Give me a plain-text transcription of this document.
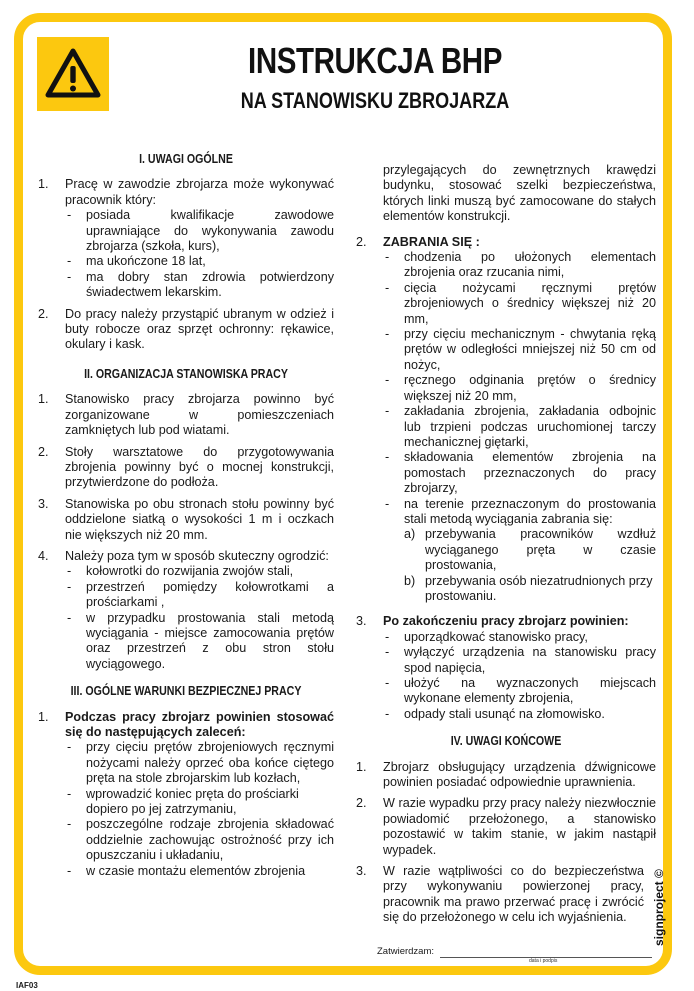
INSTRUKCJA BHP
NA STANOWISKU ZBROJARZA
I. UWAGI OGÓLNE
1.	Pracę w zawodzie zbrojarza może wykonywać pracownik który:
- posiada kwalifikacje zawodowe uprawniające do wykonywania zawodu zbrojarza (szkoła, kurs),
- ma ukończone 18 lat,
- ma dobry stan zdrowia potwierdzony świadectwem lekarskim.
2.	Do pracy należy przystąpić ubranym w odzież i buty robocze oraz sprzęt ochronny: rękawice, okulary i kask.
II. ORGANIZACJA STANOWISKA PRACY
1.	Stanowisko pracy zbrojarza powinno być zorganizowane w pomieszczeniach zamkniętych lub pod wiatami.
2.	Stoły warsztatowe do przygotowywania zbrojenia powinny być o mocnej konstrukcji, przytwierdzone do podłoża.
3.	Stanowiska po obu stronach stołu powinny być oddzielone siatką o wysokości 1 m i oczkach nie większych niż 20 mm.
4.	Należy poza tym w sposób skuteczny ogrodzić:
- kołowrotki do rozwijania zwojów stali,
- przestrzeń pomiędzy kołowrotkami a prościarkami ,
- w przypadku prostowania stali metodą wyciągania - miejsce zamocowania prętów oraz przestrzeń z obu stron stołu wyciągowego.
III. OGÓLNE WARUNKI BEZPIECZNEJ PRACY
1.	Podczas pracy zbrojarz powinien stosować się do następujących zaleceń:
- przy cięciu prętów zbrojeniowych ręcznymi nożycami należy oprzeć oba końce ciętego pręta na stole zbrojarskim lub kozłach,
- wprowadzić koniec pręta do prościarki dopiero po jej zatrzymaniu,
- poszczególne rodzaje zbrojenia składować oddzielnie zachowując ostrożność przy ich opuszczaniu i układaniu,
- w czasie montażu elementów zbrojenia
przylegających do zewnętrznych krawędzi budynku, stosować szelki bezpieczeństwa, których linki muszą być zamocowane do stałych elementów konstrukcji.
2.	ZABRANIA SIĘ :
- chodzenia po ułożonych elementach zbrojenia oraz rzucania nimi,
- cięcia nożycami ręcznymi prętów zbrojeniowych o średnicy większej niż 20 mm,
- przy cięciu mechanicznym - chwytania ręką prętów w odległości mniejszej niż 50 cm od nożyc,
- ręcznego odginania prętów o średnicy większej niż 20 mm,
- zakładania zbrojenia, zakładania odbojnic lub trzpieni podczas uruchomionej tarczy mechanicznej giętarki,
- składowania elementów zbrojenia na pomostach przeznaczonych do pracy zbrojarzy,
- na terenie przeznaczonym do prostowania stali metodą wyciągania zabrania się:
a) przebywania pracowników wzdłuż wyciąganego pręta w czasie prostowania,
b) przebywania osób niezatrudnionych przy prostowaniu.
3.	Po zakończeniu pracy zbrojarz powinien:
- uporządkować stanowisko pracy,
- wyłączyć urządzenia na stanowisku pracy spod napięcia,
- ułożyć na wyznaczonych miejscach wykonane elementy zbrojenia,
- odpady stali usunąć na złomowisko.
IV. UWAGI KOŃCOWE
1.	Zbrojarz obsługujący urządzenia dźwignicowe powinien posiadać odpowiednie uprawnienia.
2.	W razie wypadku przy pracy należy niezwłocznie powiadomić przełożonego, a stanowisko pozostawić w takim stanie, w jakim nastąpił wypadek.
3.	W razie wątpliwości co do bezpieczeństwa przy wykonywaniu powierzonej pracy, pracownik ma prawo przerwać pracę i zwrócić się do przełożonego w celu ich wyjaśnienia.	signproject ©
Zatwierdzam:
data i podpis
IAF03
